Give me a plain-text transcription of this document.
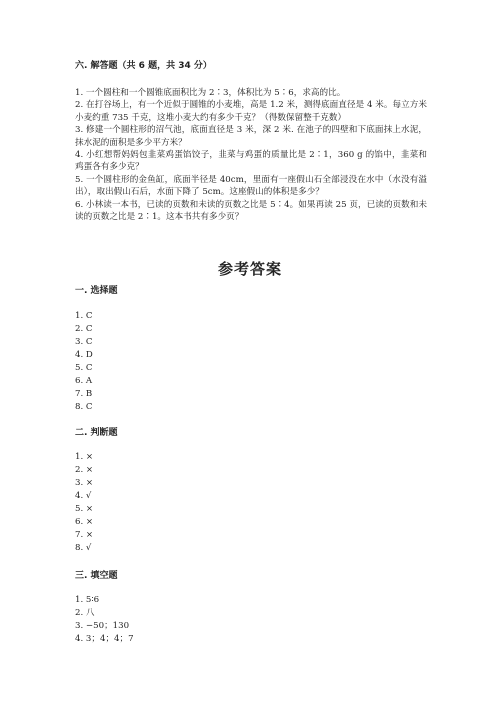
六. 解答题（共 6 题，共 34 分）

1. 一个圆柱和一个圆锥底面积比为 2∶3，体积比为 5∶6，求高的比。

2. 在打谷场上，有一个近似于圆锥的小麦堆，高是 1.2 米，测得底面直径是 4 米。每立方米小麦约重 735 千克，这堆小麦大约有多少千克？（得数保留整千克数）

3. 修建一个圆柱形的沼气池，底面直径是 3 米，深 2 米. 在池子的四壁和下底面抹上水泥，抹水泥的面积是多少平方米？

4. 小红想帮妈妈包韭菜鸡蛋馅饺子，韭菜与鸡蛋的质量比是 2∶1，360 g 的馅中，韭菜和鸡蛋各有多少克？

5. 一个圆柱形的金鱼缸，底面半径是 40cm，里面有一座假山石全部浸没在水中（水没有溢出），取出假山石后，水面下降了 5cm。这座假山的体积是多少？

6. 小林读一本书，已读的页数和未读的页数之比是 5∶4。如果再读 25 页，已读的页数和未读的页数之比是 2∶1。这本书共有多少页？

参考答案
一. 选择题
1. C
2. C
3. C
4. D
5. C
6. A
7. B
8. C
二. 判断题
1. ×
2. ×
3. ×
4. √
5. ×
6. ×
7. ×
8. √
三. 填空题
1. 5∶6
2. 八
3. −50；130
4. 3；4；4；7
